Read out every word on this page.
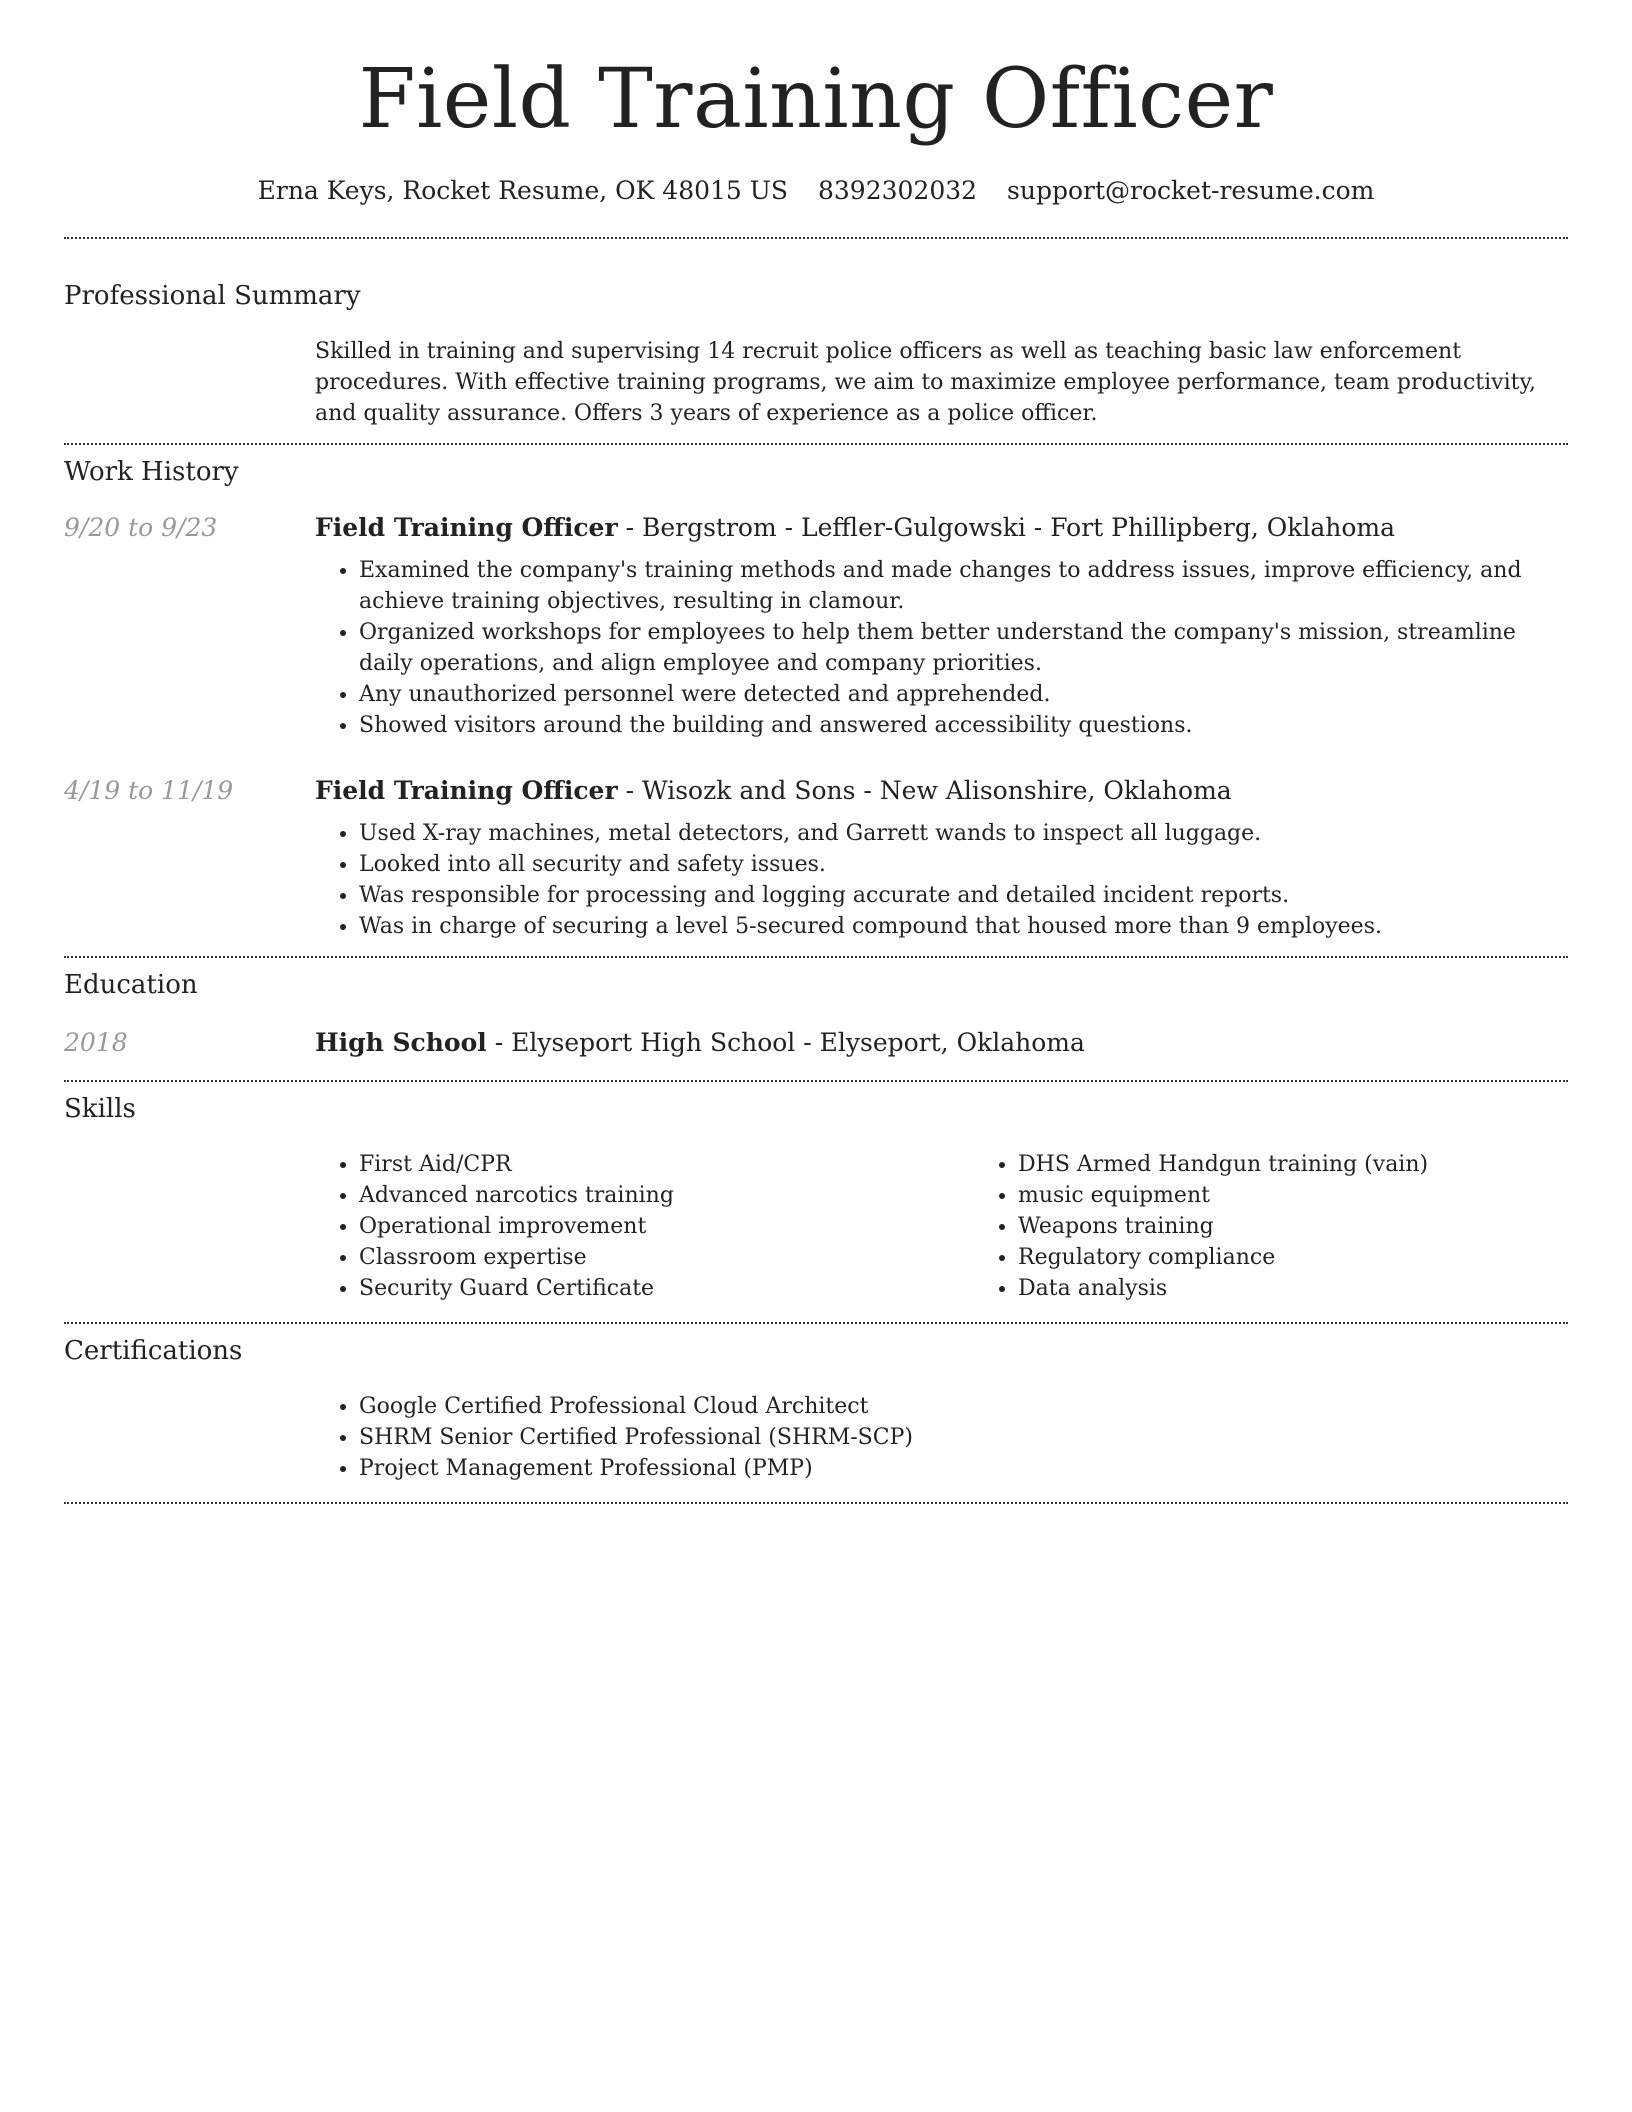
Field Training Officer
Erna Keys, Rocket Resume, OK 48015 US 8392302032 support@rocket-resume.com
Professional Summary
Skilled in training and supervising 14 recruit police officers as well as teaching basic law enforcement procedures. With effective training programs, we aim to maximize employee performance, team productivity, and quality assurance. Offers 3 years of experience as a police officer.
Work History
9/20 to 9/23	Field Training Officer - Bergstrom - Leffler-Gulgowski - Fort Phillipberg, Oklahoma
• Examined the company's training methods and made changes to address issues, improve efficiency, and achieve training objectives, resulting in clamour.
• Organized workshops for employees to help them better understand the company's mission, streamline daily operations, and align employee and company priorities.
• Any unauthorized personnel were detected and apprehended.
• Showed visitors around the building and answered accessibility questions.
4/19 to 11/19	Field Training Officer - Wisozk and Sons - New Alisonshire, Oklahoma
• Used X-ray machines, metal detectors, and Garrett wands to inspect all luggage.
• Looked into all security and safety issues.
• Was responsible for processing and logging accurate and detailed incident reports.
• Was in charge of securing a level 5-secured compound that housed more than 9 employees.
Education
2018	High School - Elyseport High School - Elyseport, Oklahoma
Skills
• First Aid/CPR
• Advanced narcotics training
• Operational improvement
• Classroom expertise
• Security Guard Certificate
• DHS Armed Handgun training (vain)
• music equipment
• Weapons training
• Regulatory compliance
• Data analysis
Certifications
• Google Certified Professional Cloud Architect
• SHRM Senior Certified Professional (SHRM-SCP)
• Project Management Professional (PMP)
